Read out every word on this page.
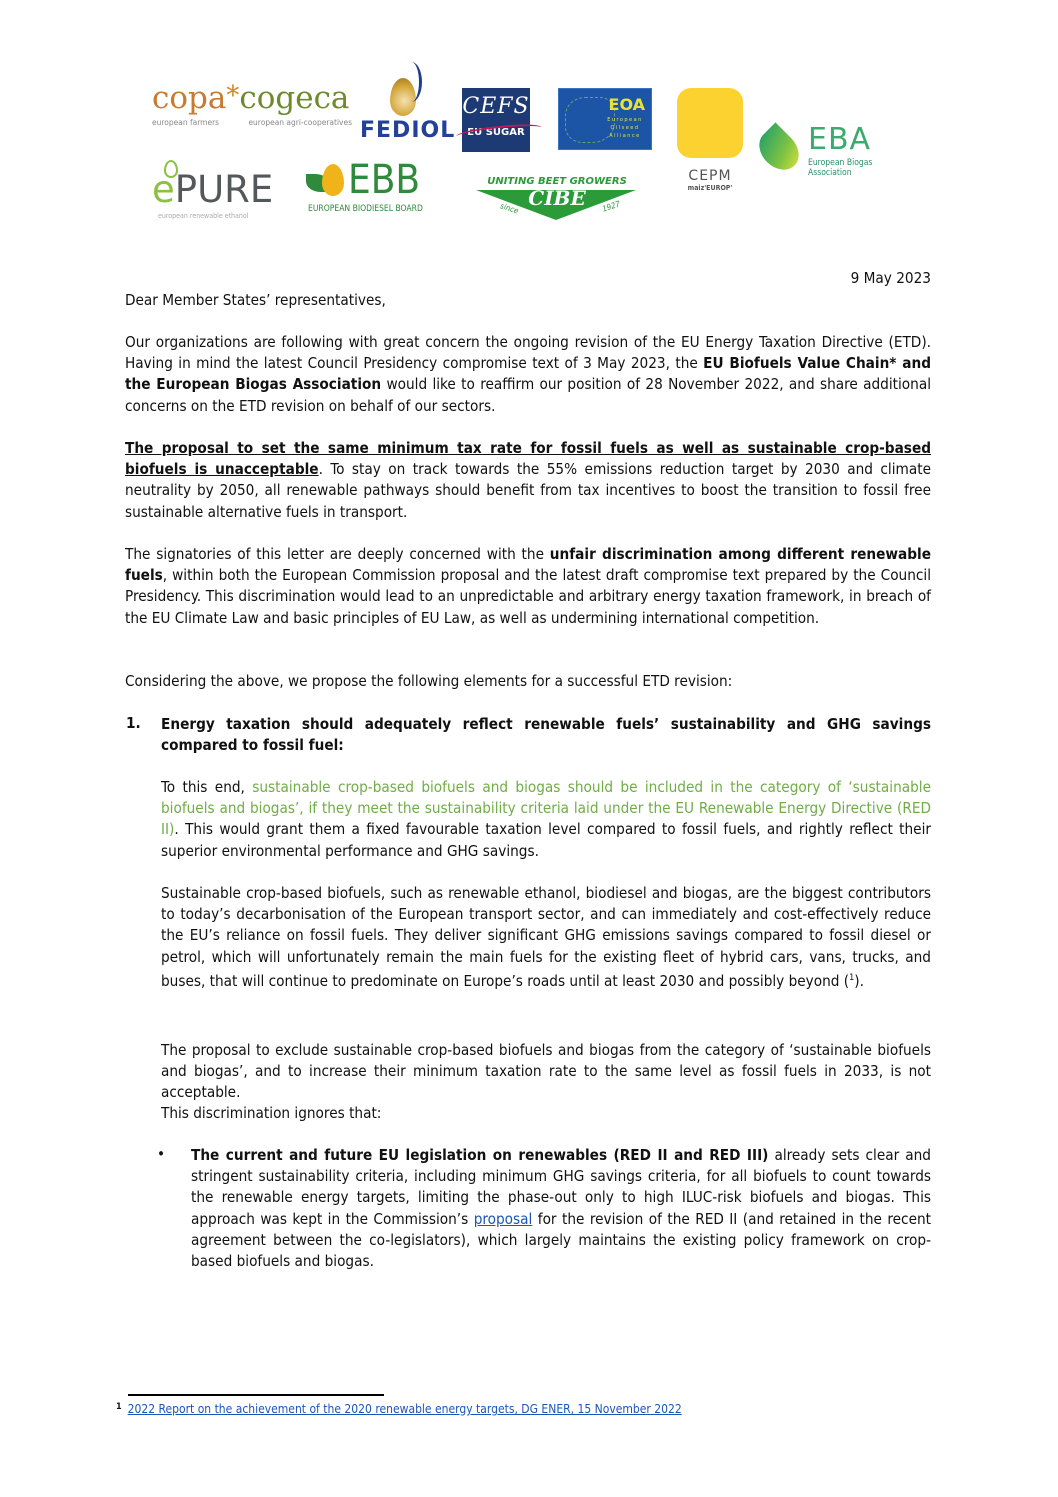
copa*cogeca
european farmers	european agri-cooperatives FEDIOL
CEFS
EU SUGAR
EOA
European Oilseed Alliance
CEPM
maiz'EUROP'
EBA
European Biogas
Association
ePURE
european renewable ethanol
EBB
EUROPEAN BIODIESEL BOARD
UNITING BEET GROWERS
CIBE
since	1927
9 May 2023
Dear Member States’ representatives,
Our organizations are following with great concern the ongoing revision of the EU Energy Taxation Directive (ETD). Having in mind the latest Council Presidency compromise text of 3 May 2023, the EU Biofuels Value Chain* and the European Biogas Association would like to reaffirm our position of 28 November 2022, and share additional concerns on the ETD revision on behalf of our sectors.
The proposal to set the same minimum tax rate for fossil fuels as well as sustainable crop-based biofuels is unacceptable. To stay on track towards the 55% emissions reduction target by 2030 and climate neutrality by 2050, all renewable pathways should benefit from tax incentives to boost the transition to fossil free sustainable alternative fuels in transport.
The signatories of this letter are deeply concerned with the unfair discrimination among different renewable fuels, within both the European Commission proposal and the latest draft compromise text prepared by the Council Presidency. This discrimination would lead to an unpredictable and arbitrary energy taxation framework, in breach of the EU Climate Law and basic principles of EU Law, as well as undermining international competition.
Considering the above, we propose the following elements for a successful ETD revision:
1. Energy taxation should adequately reflect renewable fuels’ sustainability and GHG savings compared to fossil fuel:
To this end, sustainable crop-based biofuels and biogas should be included in the category of ‘sustainable biofuels and biogas’, if they meet the sustainability criteria laid under the EU Renewable Energy Directive (RED II). This would grant them a fixed favourable taxation level compared to fossil fuels, and rightly reflect their superior environmental performance and GHG savings.
Sustainable crop-based biofuels, such as renewable ethanol, biodiesel and biogas, are the biggest contributors to today’s decarbonisation of the European transport sector, and can immediately and cost-effectively reduce the EU’s reliance on fossil fuels. They deliver significant GHG emissions savings compared to fossil diesel or petrol, which will unfortunately remain the main fuels for the existing fleet of hybrid cars, vans, trucks, and buses, that will continue to predominate on Europe’s roads until at least 2030 and possibly beyond ($^1$).
The proposal to exclude sustainable crop-based biofuels and biogas from the category of ‘sustainable biofuels and biogas’, and to increase their minimum taxation rate to the same level as fossil fuels in 2033, is not acceptable.
This discrimination ignores that:
• The current and future EU legislation on renewables (RED II and RED III) already sets clear and stringent sustainability criteria, including minimum GHG savings criteria, for all biofuels to count towards the renewable energy targets, limiting the phase-out only to high ILUC-risk biofuels and biogas. This approach was kept in the Commission’s proposal for the revision of the RED II (and retained in the recent agreement between the co-legislators), which largely maintains the existing policy framework on crop-based biofuels and biogas.
$^1$ 2022 Report on the achievement of the 2020 renewable energy targets, DG ENER, 15 November 2022
